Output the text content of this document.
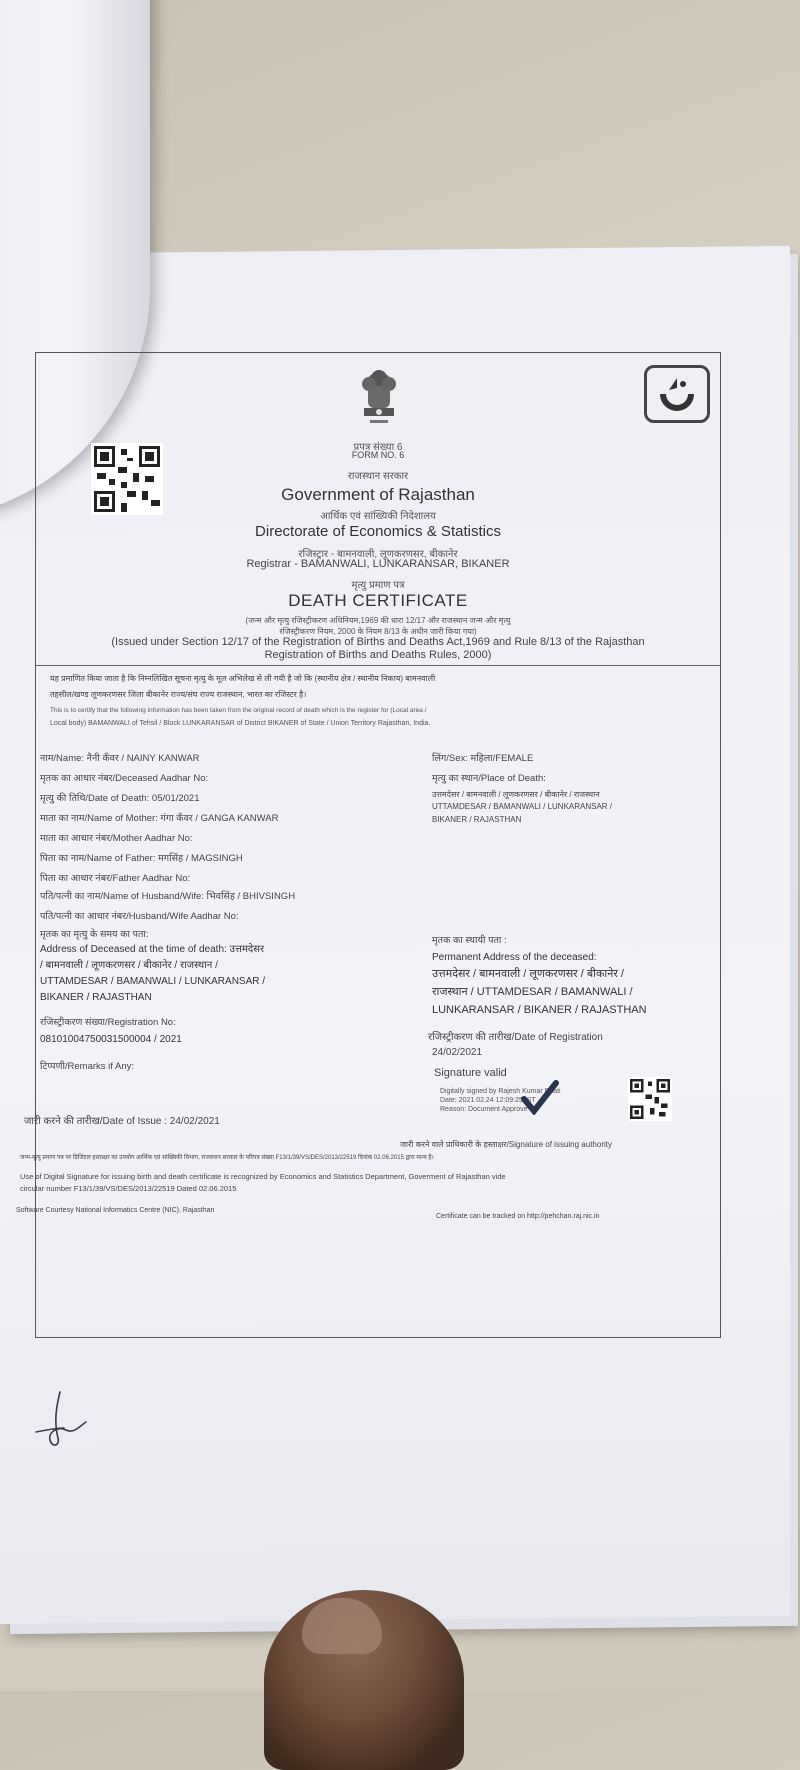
प्रपत्र संख्या 6
FORM NO. 6
राजस्थान सरकार
Government of Rajasthan
आर्थिक एवं सांख्यिकी निदेशालय
Directorate of Economics & Statistics
रजिस्ट्रार - बामनवाली, लूणकरणसर, बीकानेर
Registrar - BAMANWALI, LUNKARANSAR, BIKANER
मृत्यु प्रमाण पत्र
DEATH CERTIFICATE
(जन्म और मृत्यु रजिस्ट्रीकरण अधिनियम,1969 की धारा 12/17 और राजस्थान जन्म और मृत्यु
रजिस्ट्रीकरण नियम, 2000 के नियम 8/13 के अधीन जारी किया गया)
(Issued under Section 12/17 of the Registration of Births and Deaths Act,1969 and Rule 8/13 of the Rajasthan
Registration of Births and Deaths Rules, 2000)
यह प्रमाणित किया जाता है कि निम्नलिखित सूचना मृत्यु के मूल अभिलेख से ली गयी है जो कि (स्थानीय क्षेत्र / स्थानीय निकाय) बामनवाली
तहसील/खण्ड लूणकरणसर जिला बीकानेर राज्य/संघ राज्य राजस्थान, भारत का रजिस्टर है।
This is to certify that the following information has been taken from the original record of death which is the register for (Local area /
Local body) BAMANWALI of Tehsil / Block LUNKARANSAR of District BIKANER of State / Union Territory Rajasthan, India.
नाम/Name: नैनी कँवर / NAINY KANWAR	लिंग/Sex: महिला/FEMALE
मृतक का आधार नंबर/Deceased Aadhar No:	मृत्यु का स्थान/Place of Death:
मृत्यु की तिथि/Date of Death: 05/01/2021	उत्तमदेसर / बामनवाली / लूणकरणसर / बीकानेर / राजस्थान
UTTAMDESAR / BAMANWALI / LUNKARANSAR /
BIKANER / RAJASTHAN
माता का नाम/Name of Mother: गंगा कँवर / GANGA KANWAR
माता का आधार नंबर/Mother Aadhar No:
पिता का नाम/Name of Father: मगसिंह / MAGSINGH
पिता का आधार नंबर/Father Aadhar No:
पति/पत्नी का नाम/Name of Husband/Wife: भिवसिंह / BHIVSINGH
पति/पत्नी का आधार नंबर/Husband/Wife Aadhar No:
मृतक का मृत्यु के समय का पता:
Address of Deceased at the time of death: उत्तमदेसर
/ बामनवाली / लूणकरणसर / बीकानेर / राजस्थान /
UTTAMDESAR / BAMANWALI / LUNKARANSAR /
BIKANER / RAJASTHAN
मृतक का स्थायी पता :
Permanent Address of the deceased:
उत्तमदेसर / बामनवाली / लूणकरणसर / बीकानेर /
राजस्थान / UTTAMDESAR / BAMANWALI /
LUNKARANSAR / BIKANER / RAJASTHAN
रजिस्ट्रीकरण संख्या/Registration No:
08101004750031500004 / 2021	रजिस्ट्रीकरण की तारीख/Date of Registration
24/02/2021
टिप्पणी/Remarks if Any:
Signature valid
Digitally signed by Rajesh Kumar Bhati
Date: 2021.02.24 12:09:25 IST
Reason: Document Approve
जारी करने की तारीख/Date of Issue : 24/02/2021
जारी करने वाले प्राधिकारी के हस्ताक्षर/Signature of issuing authority
जन्म-मृत्यु प्रमाण पत्र पर डिजिटल हस्ताक्षर का उपयोग आर्थिक एवं सांख्यिकी विभाग, राजस्थान सरकार के परिपत्र संख्या F13/1/39/VS/DES/2013/22519 दिनांक 02.06.2015 द्वारा मान्य है।
Use of Digital Signature for issuing birth and death certificate is recognized by Economics and Statistics Department, Goverment of Rajasthan vide
circular number F13/1/39/VS/DES/2013/22519 Dated 02.06.2015
Software Courtesy National Informatics Centre (NIC), Rajasthan
Certificate can be tracked on http://pehchan.raj.nic.in
